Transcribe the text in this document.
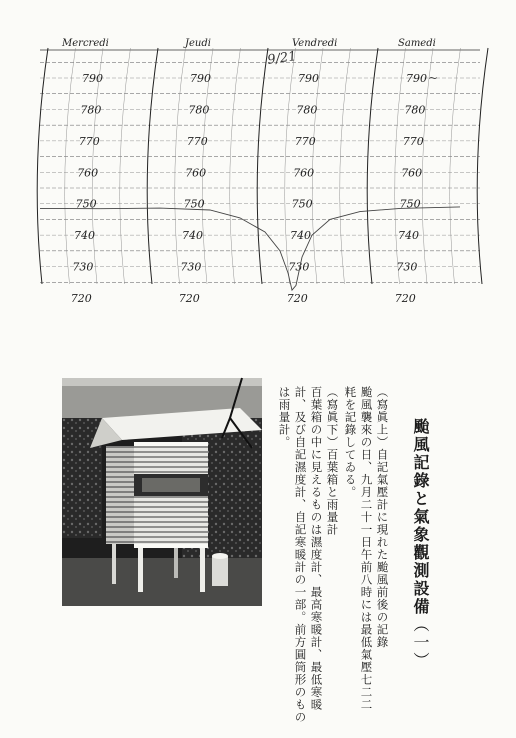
Mercredi	Jeudi	Vendredi	Samedi
790
780
770
760
750
740
730
720
790
780
770
760
750
740
730
720
790
780
770
760
750
740
730
720
790
780
770
760
750
740
730
720
9/21
~
颱風記錄と氣象觀測設備（一）
（寫眞上）自記氣壓計に現れた颱風前後の記錄
颱風襲來の日、九月二十一日午前八時には最低氣壓七二二
粍を記錄してゐる。
（寫眞下）百葉箱と雨量計
百葉箱の中に見えるものは濕度計、最高寒暖計、最低寒暖
計、及び自記濕度計、自記寒暖計の一部。前方圓筒形のもの
は雨量計。
